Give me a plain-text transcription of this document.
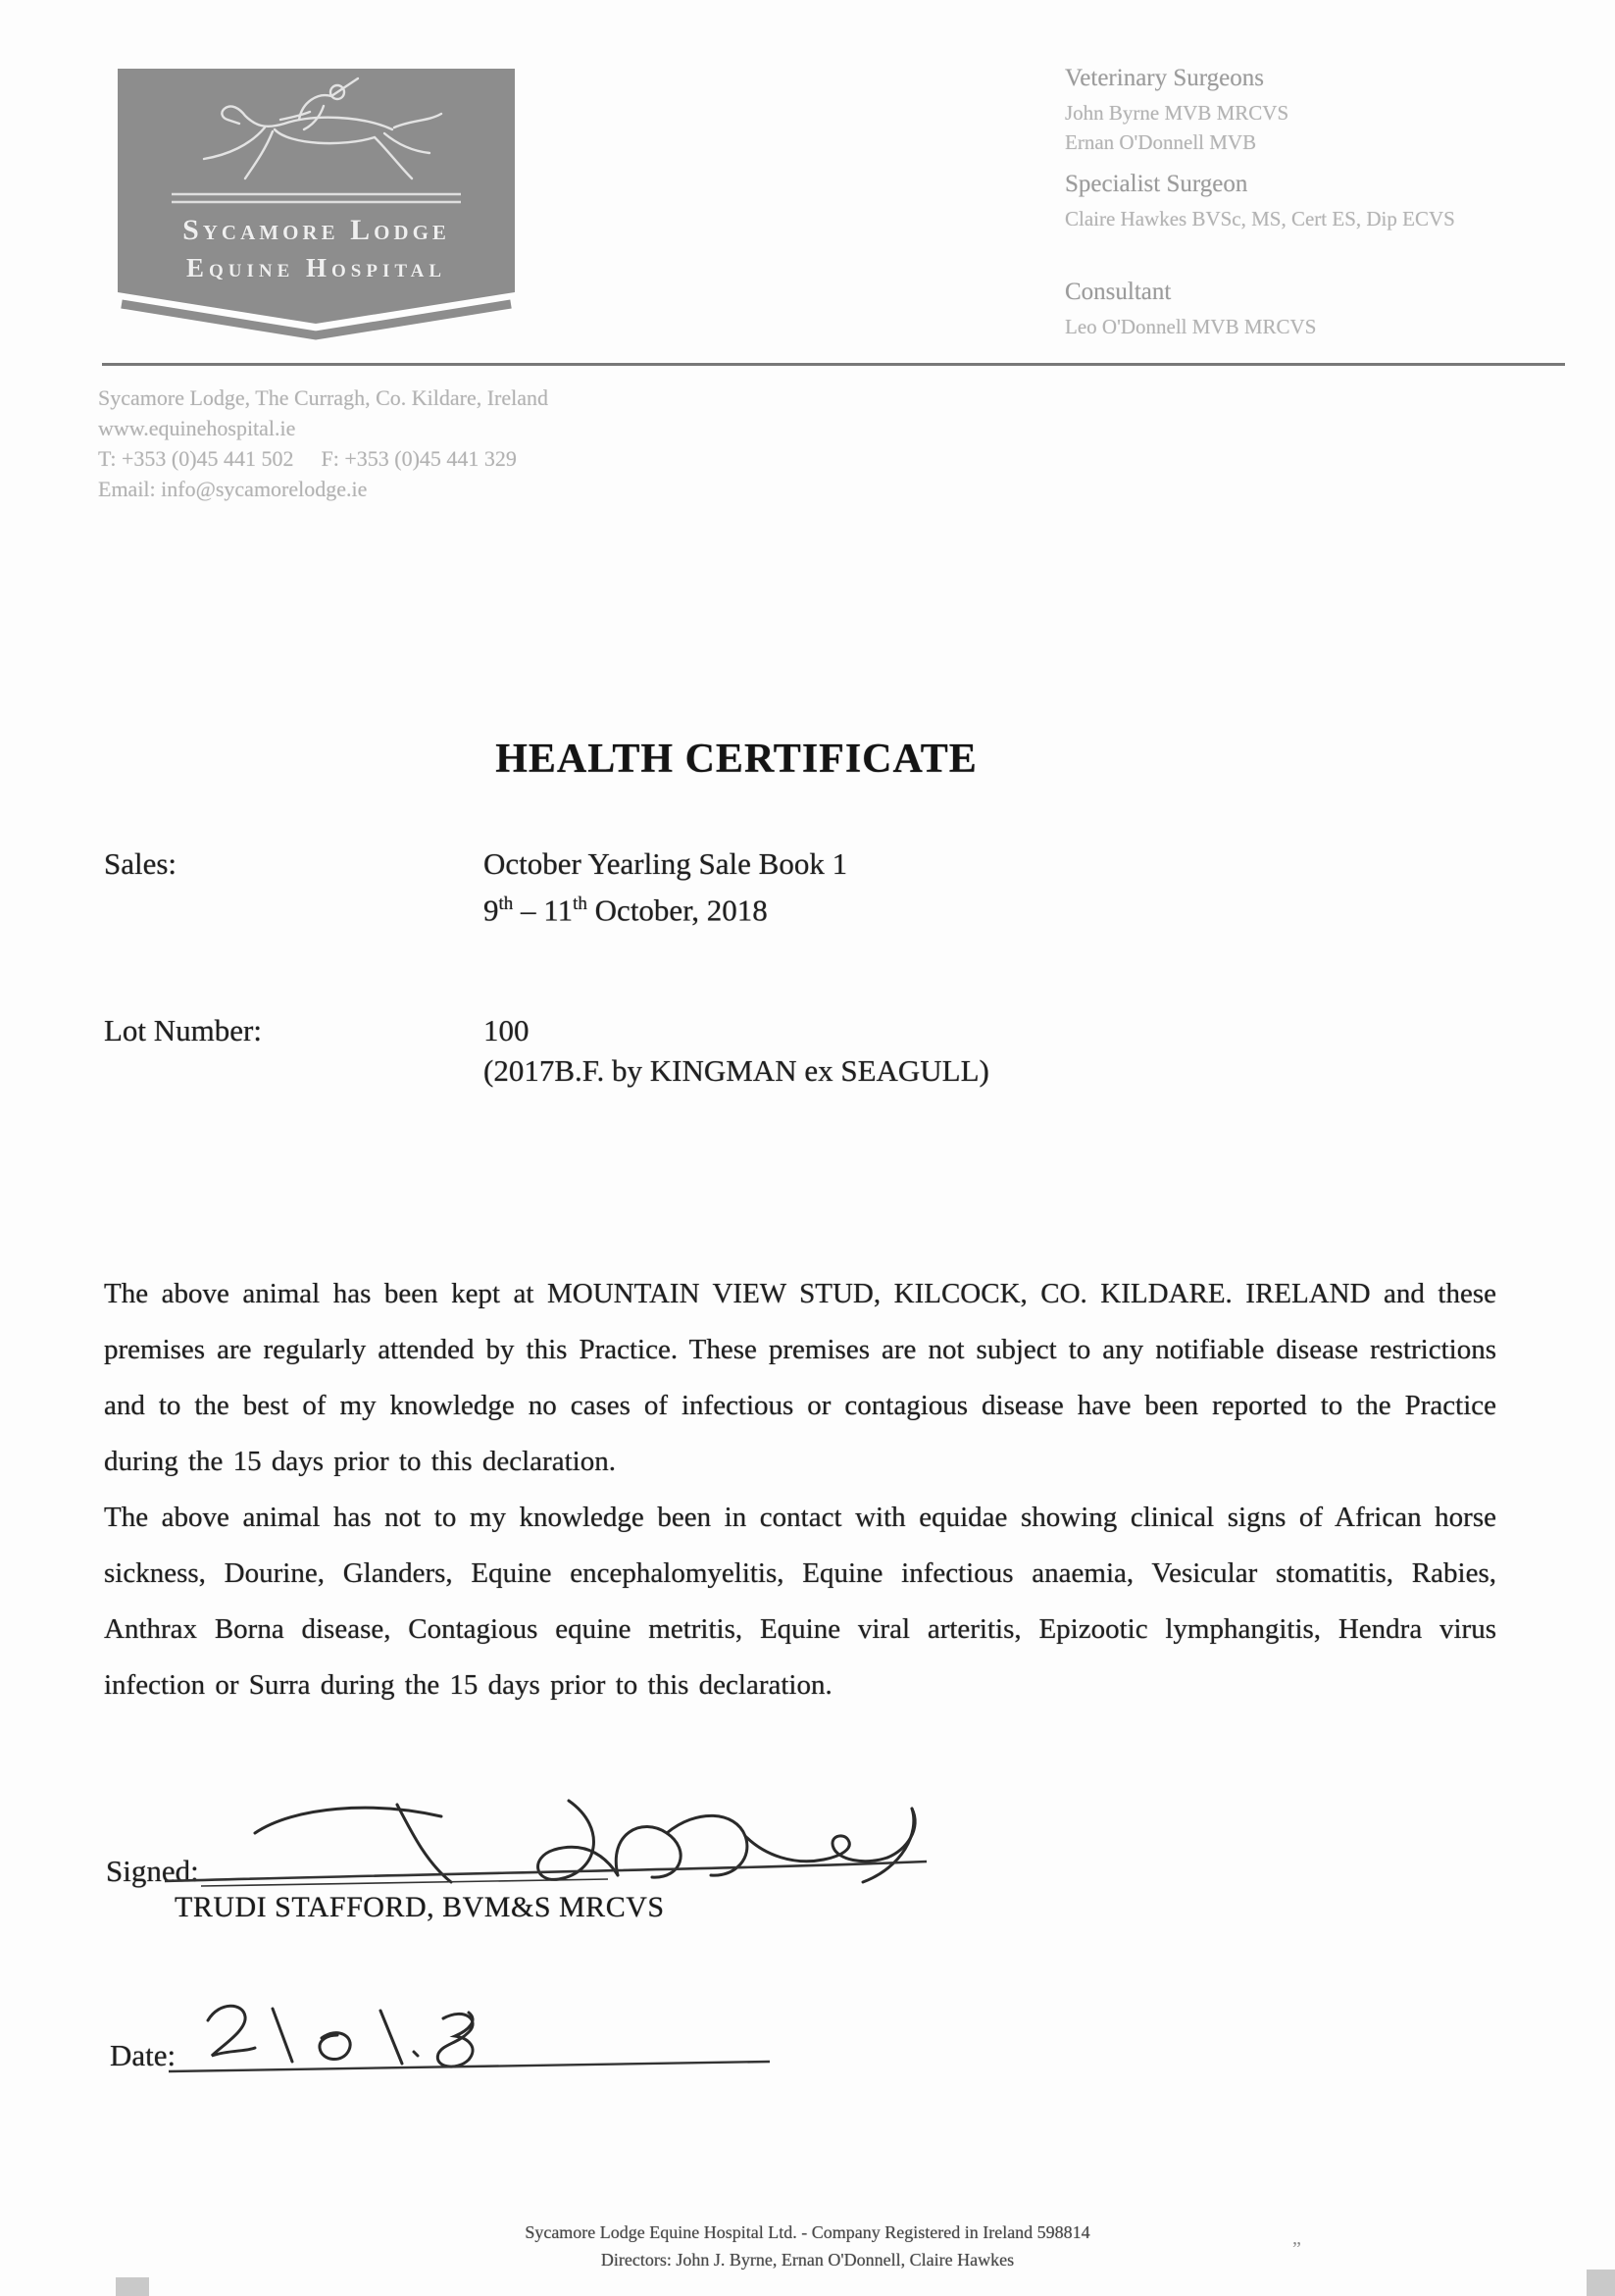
Sycamore Lodge
Equine Hospital
Veterinary Surgeons
John Byrne MVB MRCVS
Ernan O'Donnell MVB
Specialist Surgeon
Claire Hawkes BVSc, MS, Cert ES, Dip ECVS
Consultant
Leo O'Donnell MVB MRCVS
Sycamore Lodge, The Curragh, Co. Kildare, Ireland
www.equinehospital.ie
T: +353 (0)45 441 502 F: +353 (0)45 441 329
Email: info@sycamorelodge.ie
HEALTH CERTIFICATE
Sales:	October Yearling Sale Book 1
9th – 11th October, 2018
Lot Number:	100
(2017B.F. by KINGMAN ex SEAGULL)

The above animal has been kept at MOUNTAIN VIEW STUD, KILCOCK, CO. KILDARE. IRELAND and these premises are regularly attended by this Practice. These premises are not subject to any notifiable disease restrictions and to the best of my knowledge no cases of infectious or contagious disease have been reported to the Practice during the 15 days prior to this declaration.

The above animal has not to my knowledge been in contact with equidae showing clinical signs of African horse sickness, Dourine, Glanders, Equine encephalomyelitis, Equine infectious anaemia, Vesicular stomatitis, Rabies, Anthrax Borna disease, Contagious equine metritis, Equine viral arteritis, Epizootic lymphangitis, Hendra virus infection or Surra during the 15 days prior to this declaration.

Signed:
TRUDI STAFFORD, BVM&S MRCVS
Date:
Sycamore Lodge Equine Hospital Ltd. - Company Registered in Ireland 598814
Directors: John J. Byrne, Ernan O'Donnell, Claire Hawkes	”
